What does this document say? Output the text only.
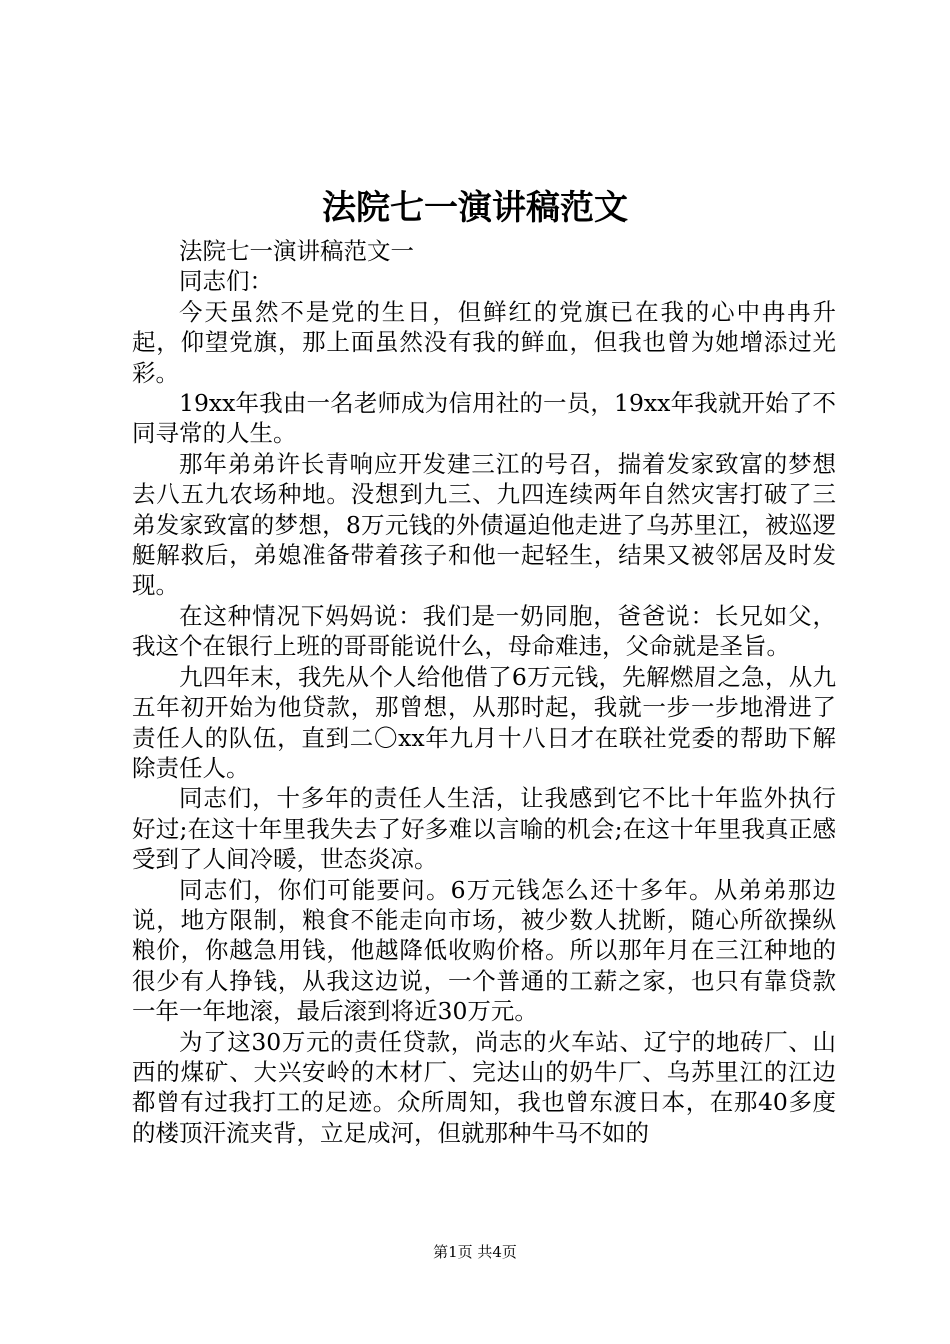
法院七一演讲稿范文

法院七一演讲稿范文一

同志们：

今天虽然不是党的生日，但鲜红的党旗已在我的心中冉冉升起，仰望党旗，那上面虽然没有我的鲜血，但我也曾为她增添过光彩。

19xx年我由一名老师成为信用社的一员，19xx年我就开始了不同寻常的人生。

那年弟弟许长青响应开发建三江的号召，揣着发家致富的梦想去八五九农场种地。没想到九三、九四连续两年自然灾害打破了三弟发家致富的梦想，8万元钱的外债逼迫他走进了乌苏里江，被巡逻艇解救后，弟媳准备带着孩子和他一起轻生，结果又被邻居及时发现。

在这种情况下妈妈说：我们是一奶同胞，爸爸说：长兄如父，我这个在银行上班的哥哥能说什么，母命难违，父命就是圣旨。

九四年末，我先从个人给他借了6万元钱，先解燃眉之急，从九五年初开始为他贷款，那曾想，从那时起，我就一步一步地滑进了责任人的队伍，直到二〇xx年九月十八日才在联社党委的帮助下解除责任人。

同志们，十多年的责任人生活，让我感到它不比十年监外执行好过;在这十年里我失去了好多难以言喻的机会;在这十年里我真正感受到了人间冷暖，世态炎凉。

同志们，你们可能要问。6万元钱怎么还十多年。从弟弟那边说，地方限制，粮食不能走向市场，被少数人扰断，随心所欲操纵粮价，你越急用钱，他越降低收购价格。所以那年月在三江种地的很少有人挣钱，从我这边说，一个普通的工薪之家，也只有靠贷款一年一年地滚，最后滚到将近30万元。

为了这30万元的责任贷款，尚志的火车站、辽宁的地砖厂、山西的煤矿、大兴安岭的木材厂、完达山的奶牛厂、乌苏里江的江边都曾有过我打工的足迹。众所周知，我也曾东渡日本，在那40多度的楼顶汗流夹背，立足成河，但就那种牛马不如的

第1页 共4页
